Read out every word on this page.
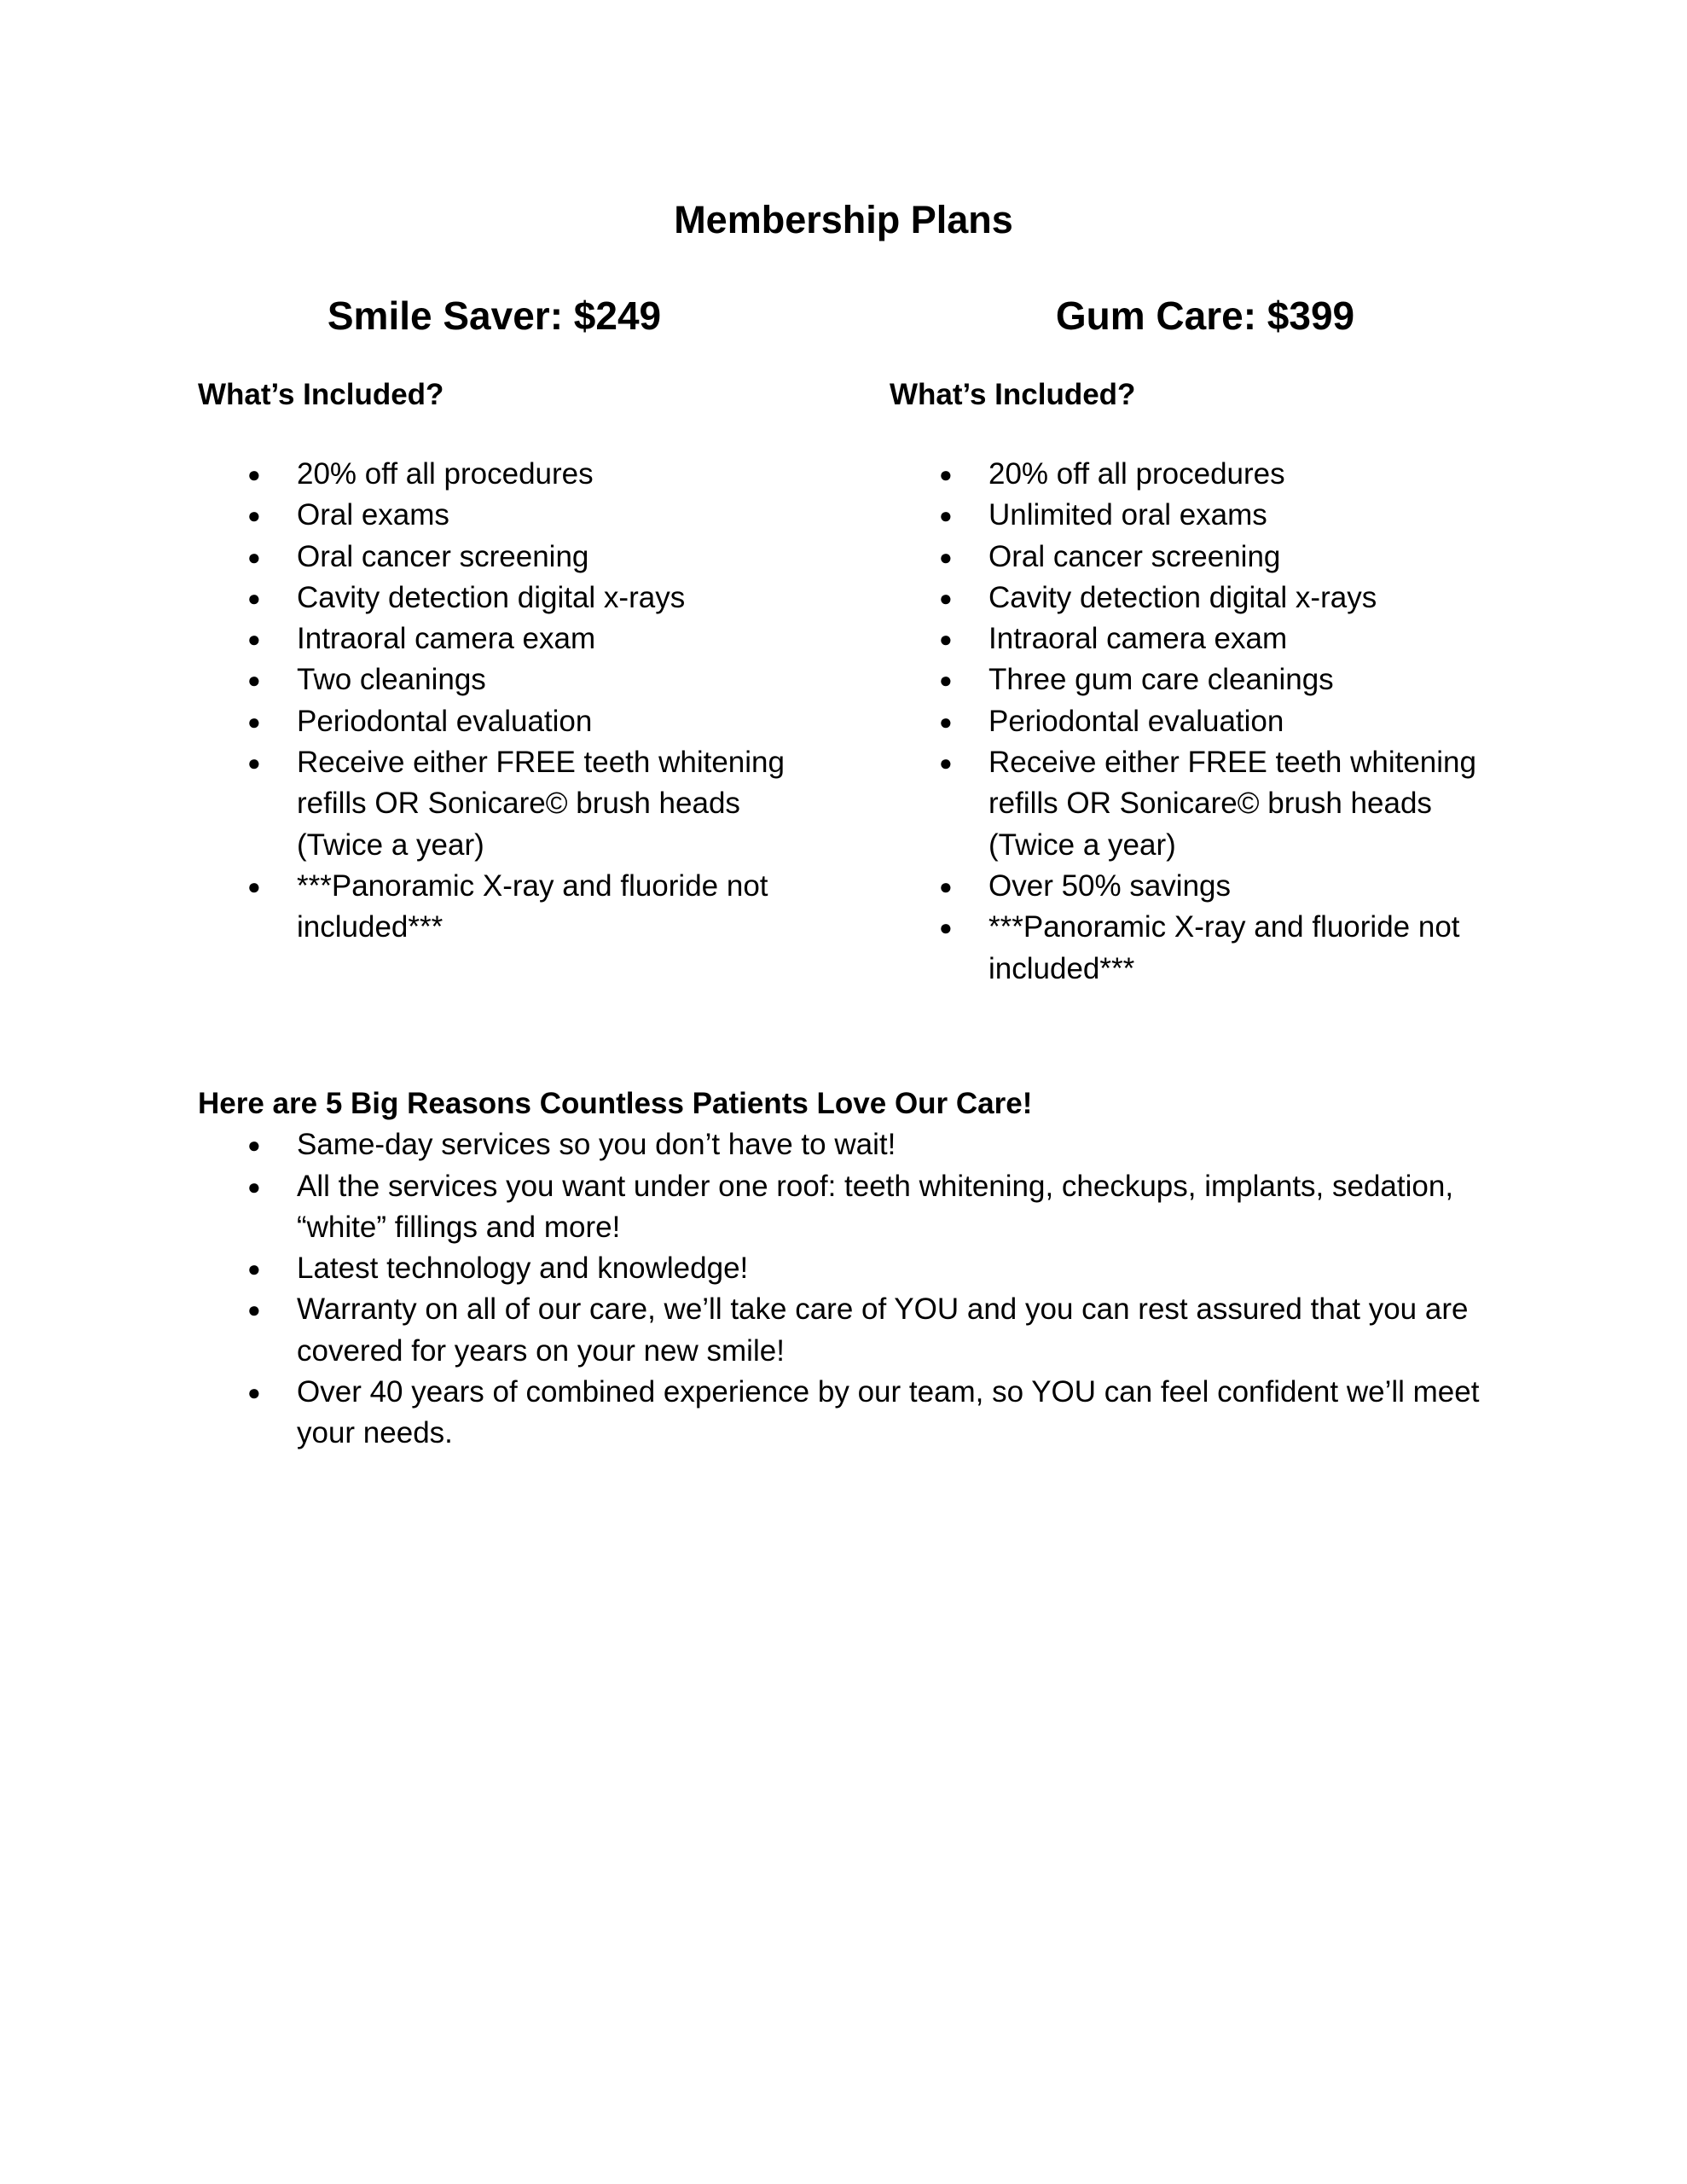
Membership Plans
Smile Saver: $249
What’s Included?
● 20% off all procedures
● Oral exams
● Oral cancer screening
● Cavity detection digital x-rays
● Intraoral camera exam
● Two cleanings
● Periodontal evaluation
● Receive either FREE teeth whitening refills OR Sonicare© brush heads (Twice a year)
● ***Panoramic X-ray and fluoride not included***
Gum Care: $399
What’s Included?
● 20% off all procedures
● Unlimited oral exams
● Oral cancer screening
● Cavity detection digital x-rays
● Intraoral camera exam
● Three gum care cleanings
● Periodontal evaluation
● Receive either FREE teeth whitening refills OR Sonicare© brush heads (Twice a year)
● Over 50% savings
● ***Panoramic X-ray and fluoride not included***
Here are 5 Big Reasons Countless Patients Love Our Care!
● Same-day services so you don’t have to wait!
● All the services you want under one roof: teeth whitening, checkups, implants, sedation, “white” fillings and more!
● Latest technology and knowledge!
● Warranty on all of our care, we’ll take care of YOU and you can rest assured that you are covered for years on your new smile!
● Over 40 years of combined experience by our team, so YOU can feel confident we’ll meet your needs.
